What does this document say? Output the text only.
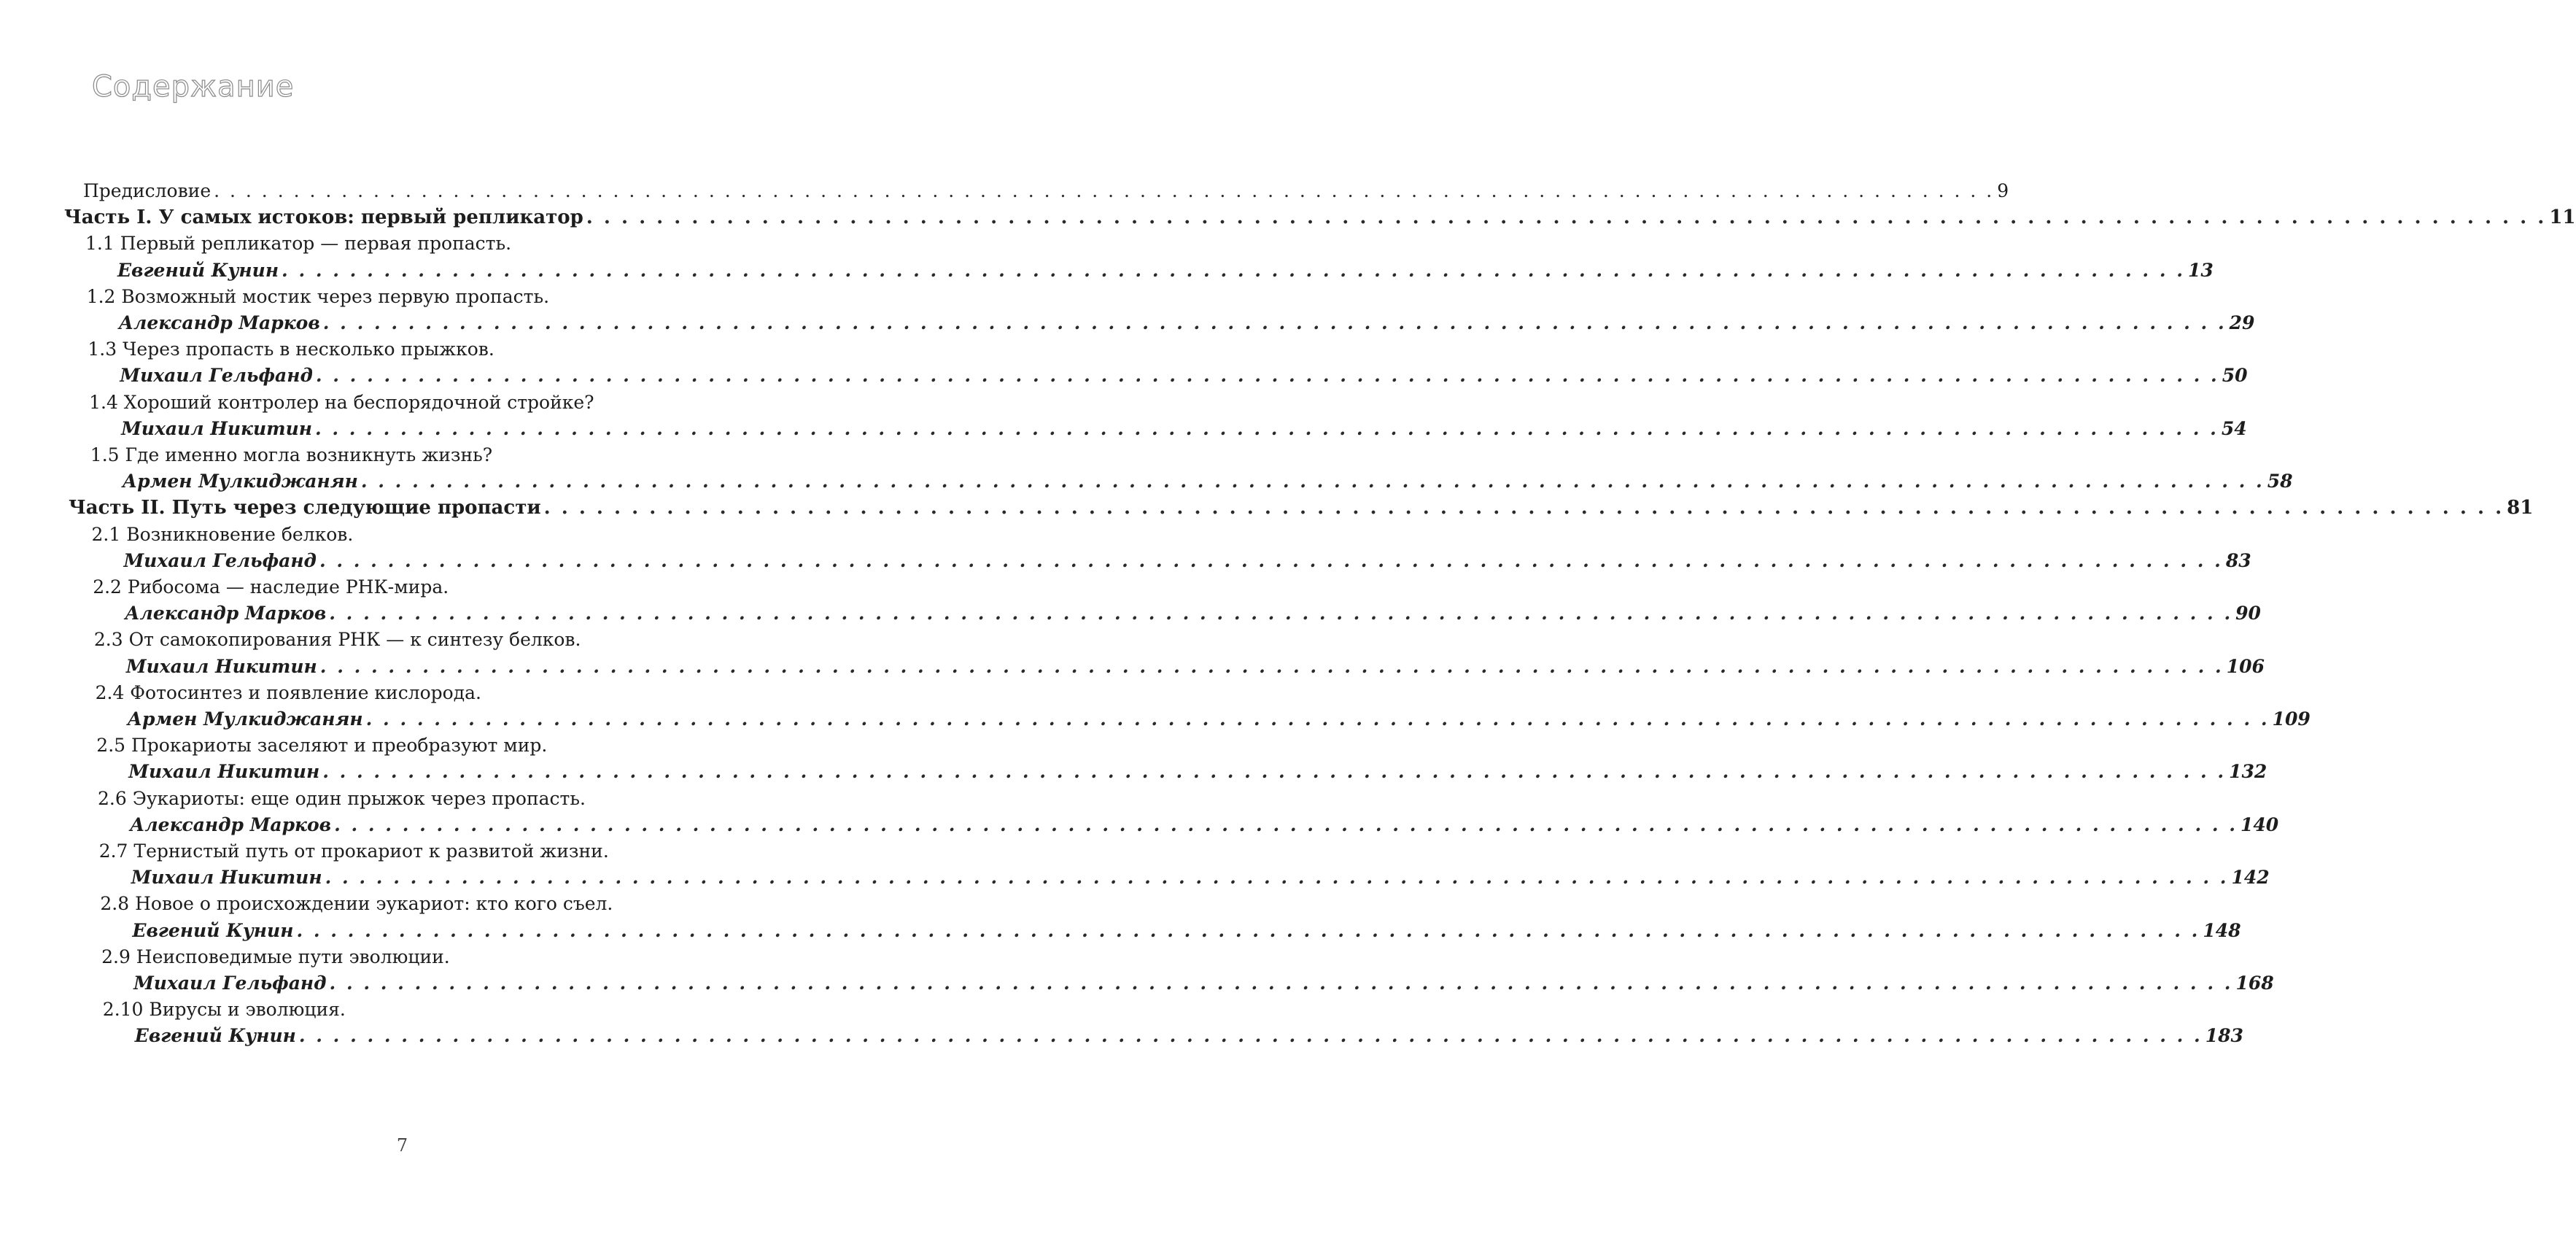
Содержание
Предисловие . . .	9
Часть I. У самых истоков: первый репликатор . . .	11
1.1 Первый репликатор — первая пропасть.
Евгений Кунин . . .	13
1.2 Возможный мостик через первую пропасть.
Александр Марков . . .	29
1.3 Через пропасть в несколько прыжков.
Михаил Гельфанд . . .	50
1.4 Хороший контролер на беспорядочной стройке?
Михаил Никитин . . .	54
1.5 Где именно могла возникнуть жизнь?
Армен Мулкиджанян . . .	58
Часть II. Путь через следующие пропасти . . .	81
2.1 Возникновение белков.
Михаил Гельфанд . . .	83
2.2 Рибосома — наследие РНК-мира.
Александр Марков . . .	90
2.3 От самокопирования РНК — к синтезу белков.
Михаил Никитин . . .	106
2.4 Фотосинтез и появление кислорода.
Армен Мулкиджанян . . .	109
2.5 Прокариоты заселяют и преобразуют мир.
Михаил Никитин . . .	132
2.6 Эукариоты: еще один прыжок через пропасть.
Александр Марков . . .	140
2.7 Тернистый путь от прокариот к развитой жизни.
Михаил Никитин . . .	142
2.8 Новое о происхождении эукариот: кто кого съел.
Евгений Кунин . . .	148
2.9 Неисповедимые пути эволюции.
Михаил Гельфанд . . .	168
2.10 Вирусы и эволюция.
Евгений Кунин . . .	183
7
